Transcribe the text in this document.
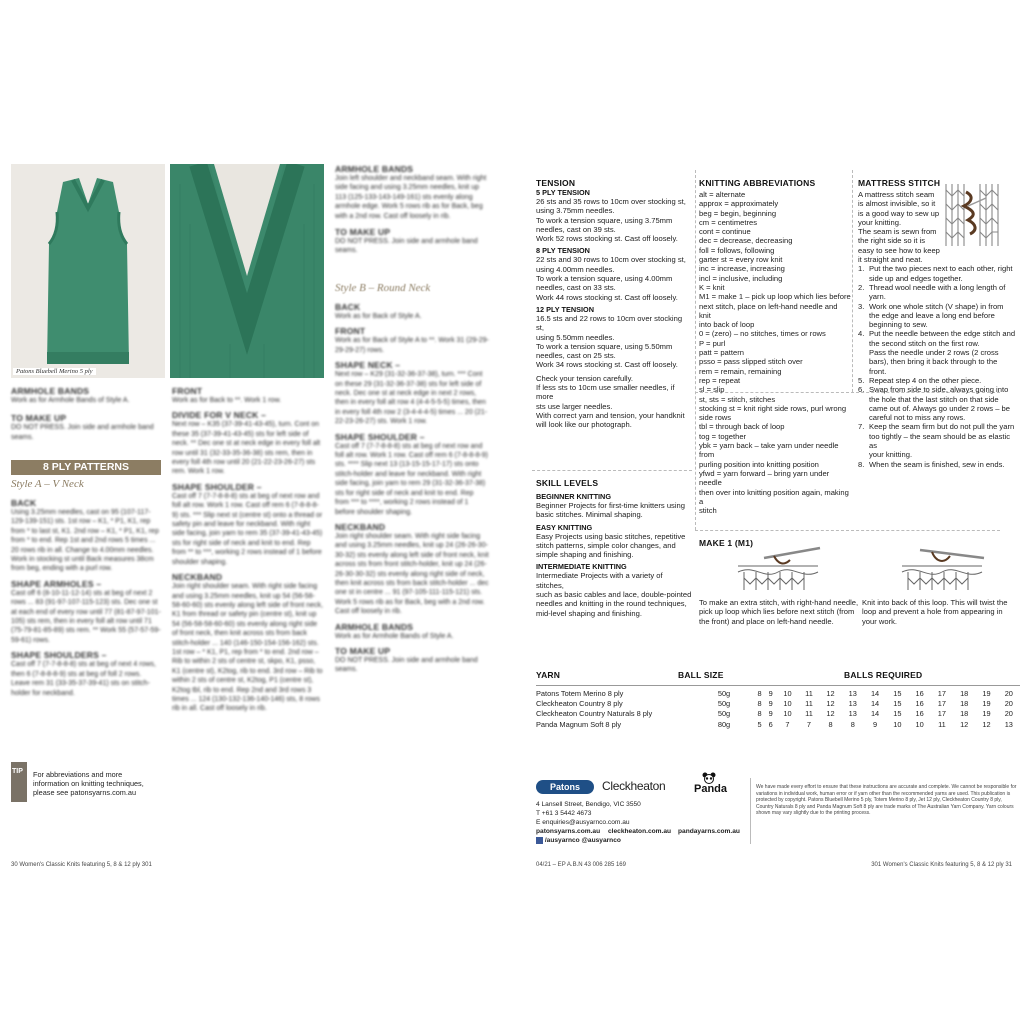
Patons Bluebell Merino 5 ply
ARMHOLE BANDS
Work as for Armhole Bands of Style A.
TO MAKE UP
DO NOT PRESS. Join side and armhole band seams.
8 PLY PATTERNS
Style A – V Neck
BACK
Using 3.25mm needles, cast on 95 (107-117-129-139-151) sts. 1st row – K1, * P1, K1, rep from * to last st, K1. 2nd row – K1, * P1, K1, rep from * to end. Rep 1st and 2nd rows 5 times ... 20 rows rib in all. Change to 4.00mm needles. Work in stocking st until Back measures 38cm from beg, ending with a purl row.
SHAPE ARMHOLES –
Cast off 6 (8-10-11-12-14) sts at beg of next 2 rows ... 83 (91-97-107-115-123) sts. Dec one st at each end of every row until 77 (81-87-97-101-105) sts rem, then in every foll alt row until 71 (75-79-81-85-89) sts rem. ** Work 55 (57-57-59-59-61) rows.
SHAPE SHOULDERS –
Cast off 7 (7-7-8-8-8) sts at beg of next 4 rows, then 6 (7-8-8-8-9) sts at beg of foll 2 rows. Leave rem 31 (33-35-37-39-41) sts on stitch-holder for neckband.
FRONT
Work as for Back to **. Work 1 row.
DIVIDE FOR V NECK –
Next row – K35 (37-39-41-43-45), turn. Cont on these 35 (37-39-41-43-45) sts for left side of neck. ** Dec one st at neck edge in every foll alt row until 31 (32-33-35-36-38) sts rem, then in every foll 4th row until 20 (21-22-23-26-27) sts rem. Work 1 row.
SHAPE SHOULDER –
Cast off 7 (7-7-8-8-8) sts at beg of next row and foll alt row. Work 1 row. Cast off rem 6 (7-8-8-8-9) sts. *** Slip next st (centre st) onto a thread or safety pin and leave for neckband. With right side facing, join yarn to rem 35 (37-39-41-43-45) sts for right side of neck and knit to end. Rep from ** to ***, working 2 rows instead of 1 before shoulder shaping.
NECKBAND
Join right shoulder seam. With right side facing and using 3.25mm needles, knit up 54 (56-58-58-60-60) sts evenly along left side of front neck, K1 from thread or safety pin (centre st), knit up 54 (56-58-58-60-60) sts evenly along right side of front neck, then knit across sts from back stitch-holder ... 140 (146-150-154-156-162) sts. 1st row – * K1, P1, rep from * to end. 2nd row – Rib to within 2 sts of centre st, skpo, K1, psso, K1 (centre st), K2tog, rib to end. 3rd row – Rib to within 2 sts of centre st, K2tog, P1 (centre st), K2tog tbl, rib to end. Rep 2nd and 3rd rows 3 times ... 124 (130-132-136-140-146) sts, 8 rows rib in all. Cast off loosely in rib.
ARMHOLE BANDS
Join left shoulder and neckband seam. With right side facing and using 3.25mm needles, knit up 113 (125-133-143-149-161) sts evenly along armhole edge. Work 5 rows rib as for Back, beg with a 2nd row. Cast off loosely in rib.
TO MAKE UP
DO NOT PRESS. Join side and armhole band seams.
Style B – Round Neck
BACK
Work as for Back of Style A.
FRONT
Work as for Back of Style A to **. Work 31 (29-29-29-29-27) rows.
SHAPE NECK –
Next row – K29 (31-32-36-37-38), turn. *** Cont on these 29 (31-32-36-37-38) sts for left side of neck. Dec one st at neck edge in next 2 rows, then in every foll alt row 4 (4-4-5-5-5) times, then in every foll 4th row 2 (3-4-4-4-5) times ... 20 (21-22-23-26-27) sts. Work 1 row.
SHAPE SHOULDER –
Cast off 7 (7-7-8-8-8) sts at beg of next row and foll alt row. Work 1 row. Cast off rem 6 (7-8-8-8-9) sts. **** Slip next 13 (13-15-15-17-17) sts onto stitch-holder and leave for neckband. With right side facing, join yarn to rem 29 (31-32-36-37-38) sts for right side of neck and knit to end. Rep from *** to ****, working 2 rows instead of 1 before shoulder shaping.
NECKBAND
Join right shoulder seam. With right side facing and using 3.25mm needles, knit up 24 (26-26-30-30-32) sts evenly along left side of front neck, knit across sts from front stitch-holder, knit up 24 (26-26-30-30-32) sts evenly along right side of neck, then knit across sts from back stitch-holder ... dec one st in centre ... 91 (97-105-111-115-121) sts. Work 5 rows rib as for Back, beg with a 2nd row. Cast off loosely in rib.
ARMHOLE BANDS
Work as for Armhole Bands of Style A.
TO MAKE UP
DO NOT PRESS. Join side and armhole band seams.
TIP For abbreviations and more
information on knitting techniques,
please see patonsyarns.com.au
30 Women's Classic Knits featuring 5, 8 & 12 ply 301
TENSION
5 PLY TENSION
26 sts and 35 rows to 10cm over stocking st,
using 3.75mm needles.
To work a tension square, using 3.75mm
needles, cast on 39 sts.
Work 52 rows stocking st. Cast off loosely.
8 PLY TENSION
22 sts and 30 rows to 10cm over stocking st,
using 4.00mm needles.
To work a tension square, using 4.00mm
needles, cast on 33 sts.
Work 44 rows stocking st. Cast off loosely.
12 PLY TENSION
16.5 sts and 22 rows to 10cm over stocking st,
using 5.50mm needles.
To work a tension square, using 5.50mm
needles, cast on 25 sts.
Work 34 rows stocking st. Cast off loosely.
Check your tension carefully.
If less sts to 10cm use smaller needles, if more
sts use larger needles.
With correct yarn and tension, your handknit
will look like our photograph.
SKILL LEVELS
BEGINNER KNITTING
Beginner Projects for first-time knitters using
basic stitches. Minimal shaping.
EASY KNITTING
Easy Projects using basic stitches, repetitive
stitch patterns, simple color changes, and
simple shaping and finishing.
INTERMEDIATE KNITTING
Intermediate Projects with a variety of stitches,
such as basic cables and lace, double-pointed
needles and knitting in the round techniques,
mid-level shaping and finishing.
KNITTING ABBREVIATIONS
alt = alternate
approx = approximately
beg = begin, beginning
cm = centimetres
cont = continue
dec = decrease, decreasing
foll = follows, following
garter st = every row knit
inc = increase, increasing
incl = inclusive, including
K = knit
M1 = make 1 – pick up loop which lies before
next stitch, place on left-hand needle and knit
into back of loop
0 = (zero) – no stitches, times or rows
P = purl
patt = pattern
psso = pass slipped stitch over
rem = remain, remaining
rep = repeat
sl = slip
st, sts = stitch, stitches
stocking st = knit right side rows, purl wrong
side rows
tbl = through back of loop
tog = together
ybk = yarn back – take yarn under needle from
purling position into knitting position
yfwd = yarn forward – bring yarn under needle
then over into knitting position again, making a
stitch
MATTRESS STITCH
A mattress stitch seam
is almost invisible, so it
is a good way to sew up
your knitting.
The seam is sewn from
the right side so it is
easy to see how to keep
it straight and neat.
1. Put the two pieces next to each other, right
side up and edges together.
2. Thread wool needle with a long length of
yarn.
3. Work one whole stitch (V shape) in from
the edge and leave a long end before
beginning to sew.
4. Put the needle between the edge stitch and
the second stitch on the first row.
Pass the needle under 2 rows (2 cross
bars), then bring it back through to the
front.
5. Repeat step 4 on the other piece.
6. Swap from side to side, always going into
the hole that the last stitch on that side
came out of. Always go under 2 rows – be
careful not to miss any rows.
7. Keep the seam firm but do not pull the yarn
too tightly – the seam should be as elastic as
your knitting.
8. When the seam is finished, sew in ends.
MAKE 1 (M1)
To make an extra stitch, with right-hand needle,
pick up loop which lies before next stitch (from
the front) and place on left-hand needle.
Knit into back of this loop. This will twist the
loop and prevent a hole from appearing in
your work.
YARN	BALL SIZE	BALLS REQUIRED
Patons Totem Merino 8 ply	50g	8	9	10	11	12	13	14	15	16	17	18	19	20
Cleckheaton Country 8 ply	50g	8	9	10	11	12	13	14	15	16	17	18	19	20
Cleckheaton Country Naturals 8 ply	50g	8	9	10	11	12	13	14	15	16	17	18	19	20
Panda Magnum Soft 8 ply	80g	5	6	7	7	8	8	9	10	10	11	12	12	13
Patons	Cleckheaton	Panda
4 Lansell Street, Bendigo, VIC 3550
T +61 3 5442 4673
E enquiries@ausyarnco.com.au
patonsyarns.com.au cleckheaton.com.au pandayarns.com.au
/ausyarnco @ausyarnco
We have made every effort to ensure that these instructions are accurate and complete. We cannot be responsible for variations in individual work, human error or if yarn other than the recommended yarns are used. This publication is protected by copyright. Patons Bluebell Merino 5 ply, Totem Merino 8 ply, Jet 12 ply, Cleckheaton Country 8 ply, Country Naturals 8 ply and Panda Magnum Soft 8 ply are trade marks of The Australian Yarn Company. Yarn colours shown may vary slightly due to the printing process.
04/21 – EP A.B.N 43 006 285 169	301 Women's Classic Knits featuring 5, 8 & 12 ply 31
